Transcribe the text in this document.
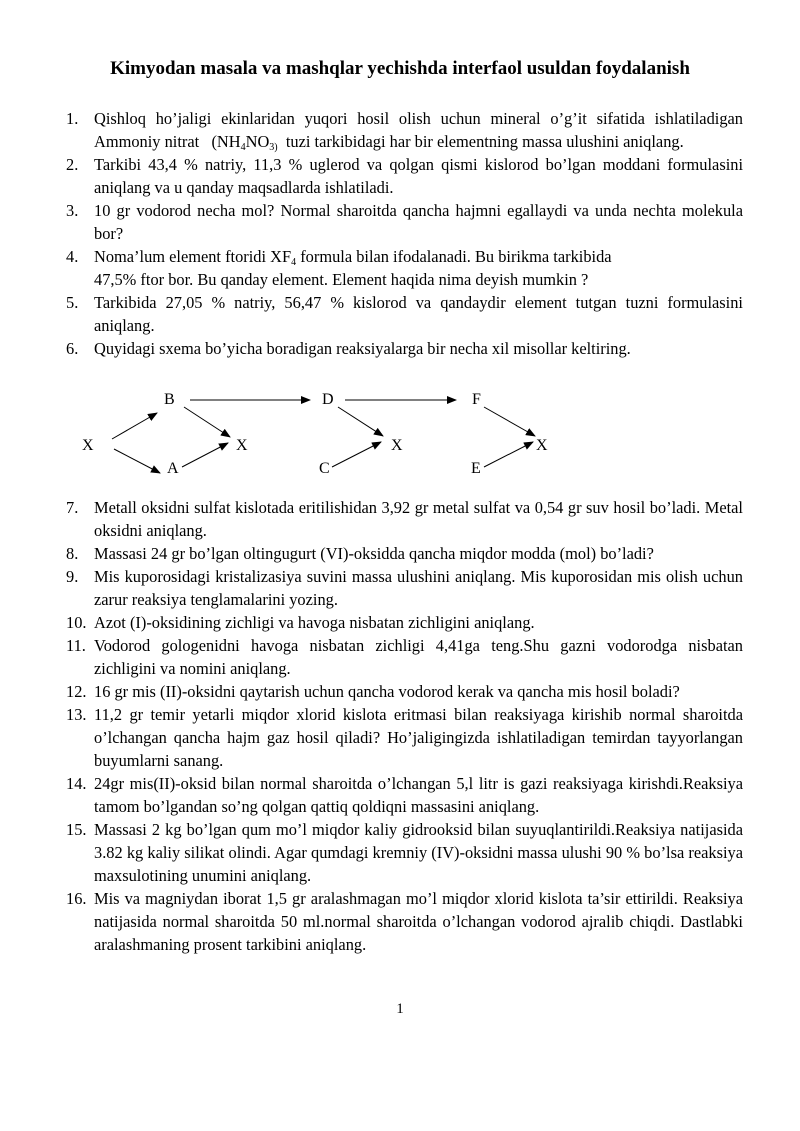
Kimyodan masala va mashqlar yechishda interfaol usuldan foydalanish
1. Qishloq ho’jaligi ekinlaridan yuqori hosil olish uchun mineral o’g’it sifatida ishlatiladigan Ammoniy nitrat ($NH_4NO_{3)}$ tuzi tarkibidagi har bir elementning massa ulushini aniqlang.
2. Tarkibi 43,4 % natriy, 11,3 % uglerod va qolgan qismi kislorod bo’lgan moddani formulasini aniqlang va u qanday maqsadlarda ishlatiladi.
3. 10 gr vodorod necha mol? Normal sharoitda qancha hajmni egallaydi va unda nechta molekula bor?
4. Noma’lum element ftoridi $XF_4$ formula bilan ifodalanadi. Bu birikma tarkibida
47,5% ftor bor. Bu qanday element. Element haqida nima deyish mumkin ?
5. Tarkibida 27,05 % natriy, 56,47 % kislorod va qandaydir element tutgan tuzni formulasini aniqlang.
6. Quyidagi sxema bo’yicha boradigan reaksiyalarga bir necha xil misollar keltiring.
X
B
A
X
D
C
X
F
E
X
7. Metall oksidni sulfat kislotada eritilishidan 3,92 gr metal sulfat va 0,54 gr suv hosil bo’ladi. Metal oksidni aniqlang.
8. Massasi 24 gr bo’lgan oltingugurt (VI)-oksidda qancha miqdor modda (mol) bo’ladi?
9. Mis kuporosidagi kristalizasiya suvini massa ulushini aniqlang. Mis kuporosidan mis olish uchun zarur reaksiya tenglamalarini yozing.
10. Azot (I)-oksidining zichligi va havoga nisbatan zichligini aniqlang.
11. Vodorod gologenidni havoga nisbatan zichligi 4,41ga teng.Shu gazni vodorodga nisbatan zichligini va nomini aniqlang.
12. 16 gr mis (II)-oksidni qaytarish uchun qancha vodorod kerak va qancha mis hosil boladi?
13. 11,2 gr temir yetarli miqdor xlorid kislota eritmasi bilan reaksiyaga kirishib normal sharoitda o’lchangan qancha hajm gaz hosil qiladi? Ho’jaligingizda ishlatiladigan temirdan tayyorlangan buyumlarni sanang.
14. 24gr mis(II)-oksid bilan normal sharoitda o’lchangan 5,l litr is gazi reaksiyaga kirishdi.Reaksiya tamom bo’lgandan so’ng qolgan qattiq qoldiqni massasini aniqlang.
15. Massasi 2 kg bo’lgan qum mo’l miqdor kaliy gidrooksid bilan suyuqlantirildi.Reaksiya natijasida 3.82 kg kaliy silikat olindi. Agar qumdagi kremniy (IV)-oksidni massa ulushi 90 % bo’lsa reaksiya maxsulotining unumini aniqlang.
16. Mis va magniydan iborat 1,5 gr aralashmagan mo’l miqdor xlorid kislota ta’sir ettirildi. Reaksiya natijasida normal sharoitda 50 ml.normal sharoitda o’lchangan vodorod ajralib chiqdi. Dastlabki aralashmaning prosent tarkibini aniqlang.
1
